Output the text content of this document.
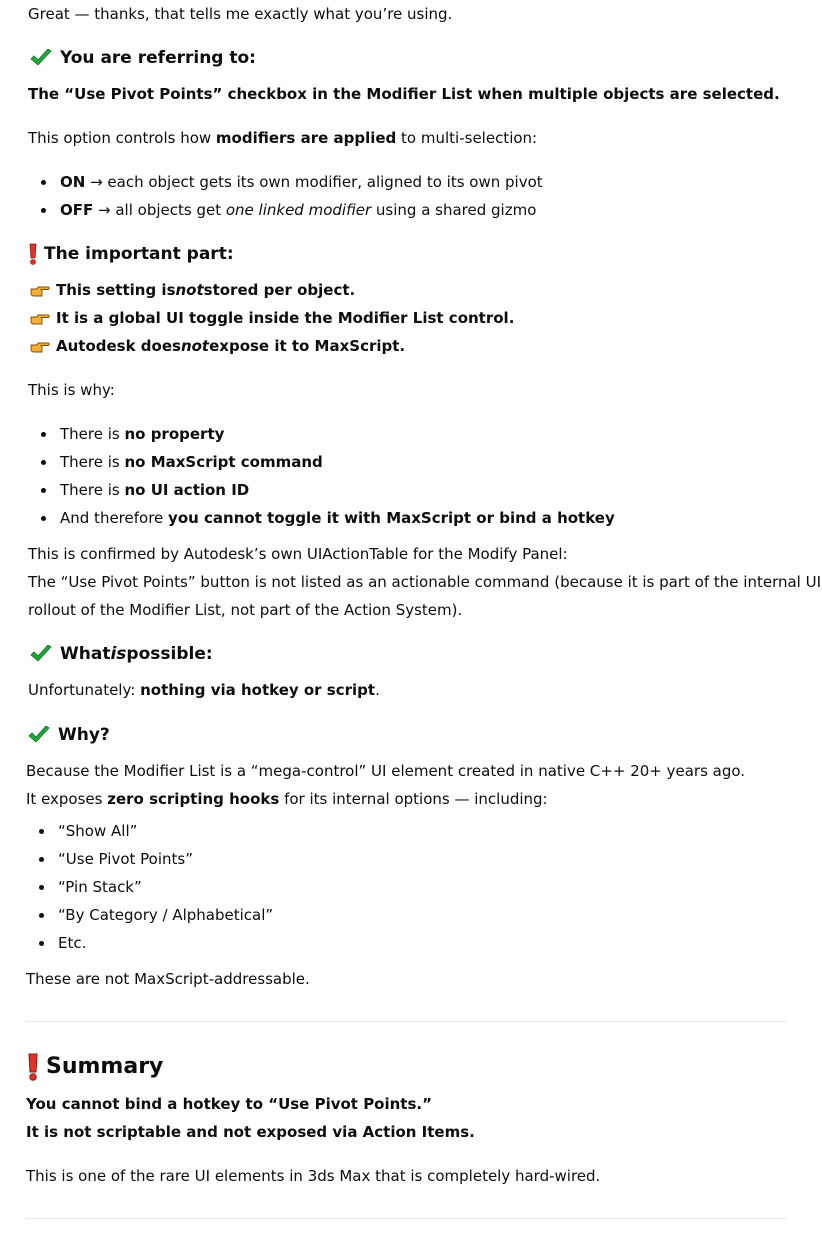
Great — thanks, that tells me exactly what you’re using.
You are referring to:
The “Use Pivot Points” checkbox in the Modifier List when multiple objects are selected.
This option controls how modifiers are applied to multi-selection:
ON → each object gets its own modifier, aligned to its own pivot
OFF → all objects get one linked modifier using a shared gizmo
The important part:
This setting is not stored per object.
It is a global UI toggle inside the Modifier List control.
Autodesk does not expose it to MaxScript.
This is why:
There is no property
There is no MaxScript command
There is no UI action ID
And therefore you cannot toggle it with MaxScript or bind a hotkey
This is confirmed by Autodesk’s own UIActionTable for the Modify Panel:
The “Use Pivot Points” button is not listed as an actionable command (because it is part of the internal UI
rollout of the Modifier List, not part of the Action System).
What is possible:
Unfortunately: nothing via hotkey or script.
Why?
Because the Modifier List is a “mega-control” UI element created in native C++ 20+ years ago.
It exposes zero scripting hooks for its internal options — including:
“Show All”
“Use Pivot Points”
“Pin Stack”
“By Category / Alphabetical”
Etc.
These are not MaxScript-addressable.
Summary
You cannot bind a hotkey to “Use Pivot Points.”
It is not scriptable and not exposed via Action Items.
This is one of the rare UI elements in 3ds Max that is completely hard-wired.
